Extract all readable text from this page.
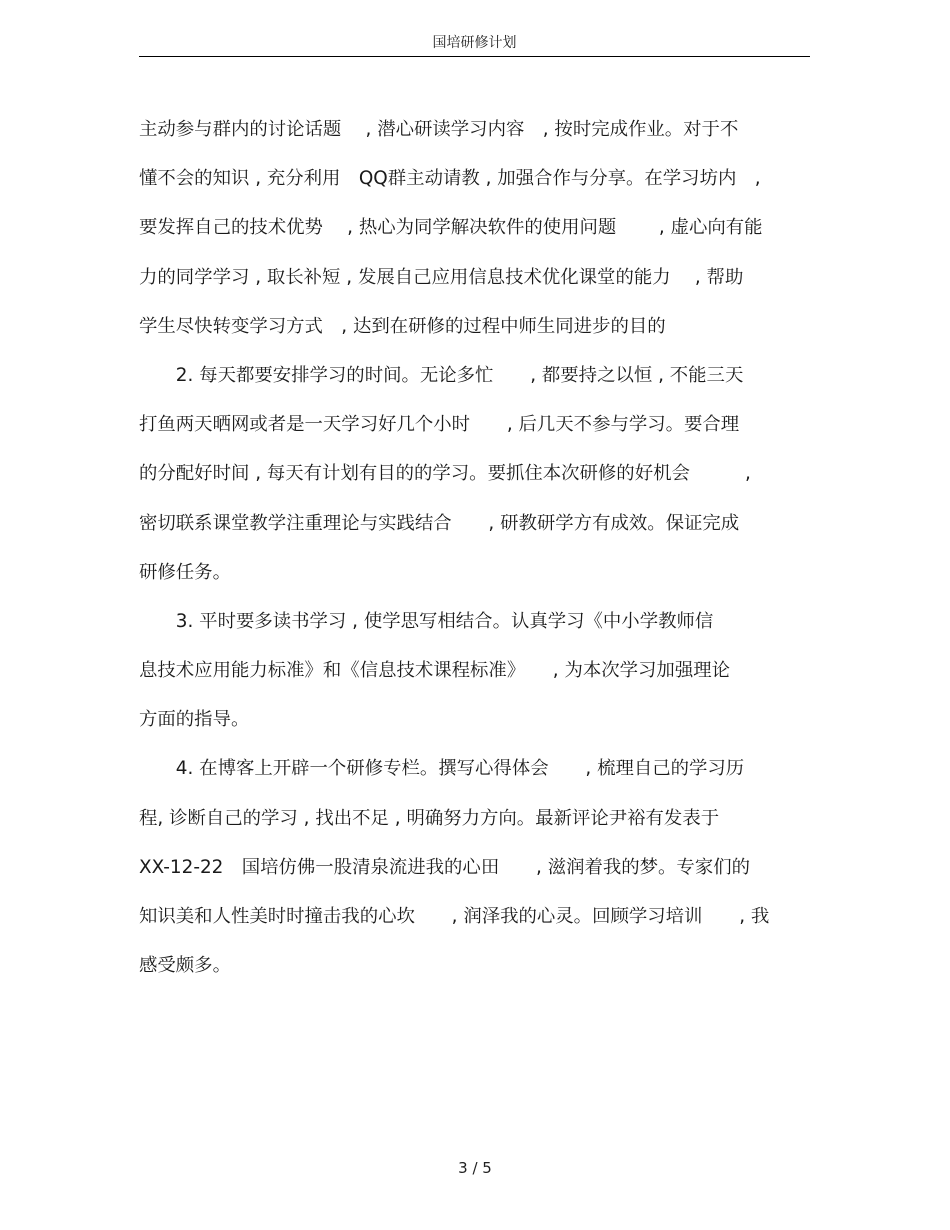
国培研修计划
主动参与群内的讨论话题　 , 潜心研读学习内容　, 按时完成作业。对于不
懂不会的知识 , 充分利用　QQ群主动请教 , 加强合作与分享。在学习坊内　,
要发挥自己的技术优势　 , 热心为同学解决软件的使用问题　　 , 虚心向有能
力的同学学习 , 取长补短 , 发展自己应用信息技术优化课堂的能力　 , 帮助
学生尽快转变学习方式　, 达到在研修的过程中师生同进步的目的
　　2. 每天都要安排学习的时间。无论多忙　　, 都要持之以恒 , 不能三天
打鱼两天晒网或者是一天学习好几个小时　　, 后几天不参与学习。要合理
的分配好时间 , 每天有计划有目的的学习。要抓住本次研修的好机会　　　,
密切联系课堂教学注重理论与实践结合　　, 研教研学方有成效。保证完成
研修任务。
　　3. 平时要多读书学习 , 使学思写相结合。认真学习《中小学教师信
息技术应用能力标准》和《信息技术课程标准》　　, 为本次学习加强理论
方面的指导。
　　4. 在博客上开辟一个研修专栏。撰写心得体会　　, 梳理自己的学习历
程, 诊断自己的学习 , 找出不足 , 明确努力方向。最新评论尹裕有发表于
XX-12-22　国培仿佛一股清泉流进我的心田　　, 滋润着我的梦。专家们的
知识美和人性美时时撞击我的心坎　　, 润泽我的心灵。回顾学习培训　　, 我
感受颇多。
3 / 5
